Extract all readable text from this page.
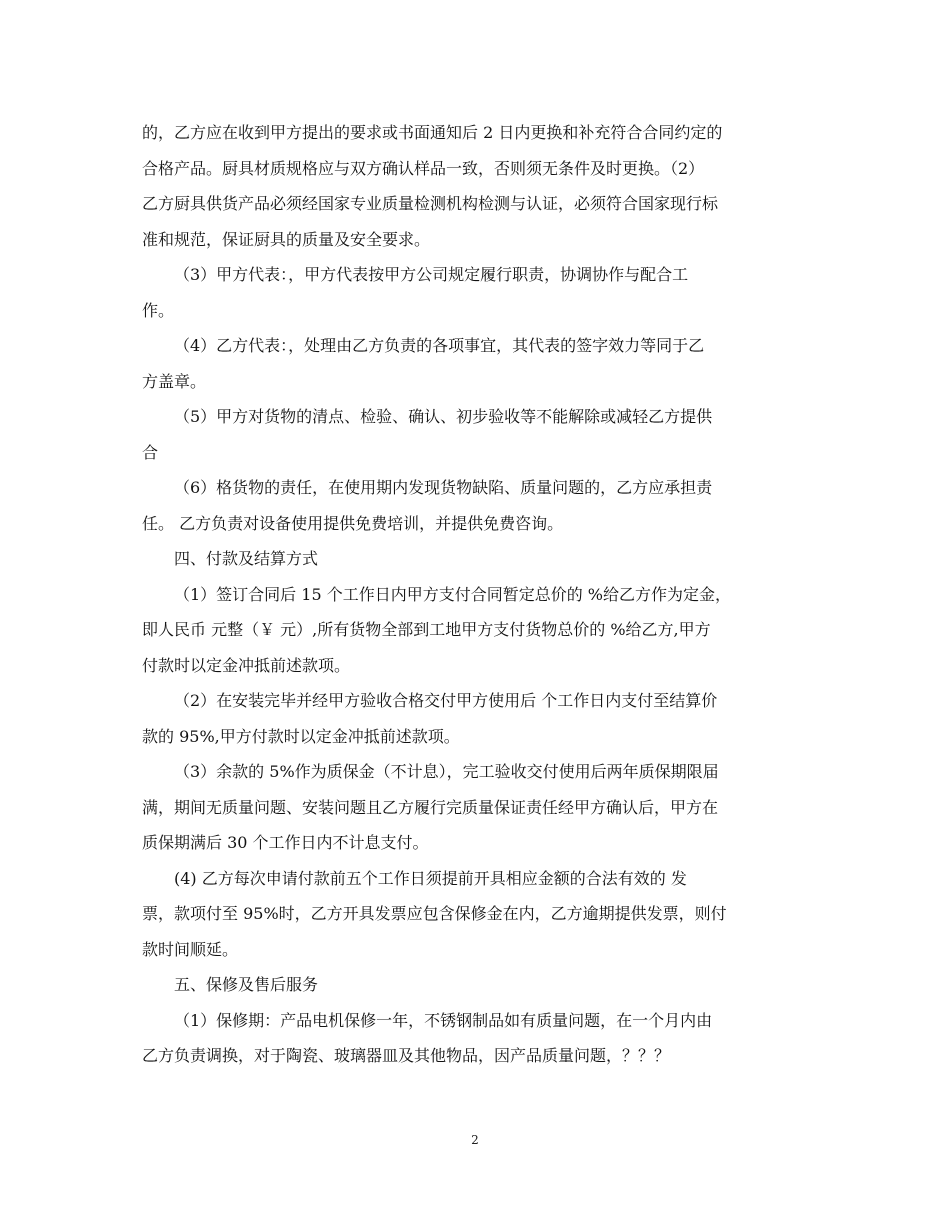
的，乙方应在收到甲方提出的要求或书面通知后 2 日内更换和补充符合合同约定的
合格产品。厨具材质规格应与双方确认样品一致，否则须无条件及时更换。（2）
乙方厨具供货产品必须经国家专业质量检测机构检测与认证，必须符合国家现行标
准和规范，保证厨具的质量及安全要求。
（3）甲方代表：，甲方代表按甲方公司规定履行职责，协调协作与配合工
作。
（4）乙方代表：，处理由乙方负责的各项事宜，其代表的签字效力等同于乙
方盖章。
（5）甲方对货物的清点、检验、确认、初步验收等不能解除或减轻乙方提供
合
（6）格货物的责任，在使用期内发现货物缺陷、质量问题的，乙方应承担责
任。 乙方负责对设备使用提供免费培训，并提供免费咨询。
四、付款及结算方式
（1）签订合同后 15 个工作日内甲方支付合同暂定总价的 %给乙方作为定金，
即人民币 元整（￥ 元）,所有货物全部到工地甲方支付货物总价的 %给乙方,甲方
付款时以定金冲抵前述款项。
（2）在安装完毕并经甲方验收合格交付甲方使用后 个工作日内支付至结算价
款的 95%,甲方付款时以定金冲抵前述款项。
（3）余款的 5%作为质保金（不计息），完工验收交付使用后两年质保期限届
满，期间无质量问题、安装问题且乙方履行完质量保证责任经甲方确认后，甲方在
质保期满后 30 个工作日内不计息支付。
(4) 乙方每次申请付款前五个工作日须提前开具相应金额的合法有效的 发
票，款项付至 95%时，乙方开具发票应包含保修金在内，乙方逾期提供发票，则付
款时间顺延。
五、保修及售后服务
（1）保修期：产品电机保修一年，不锈钢制品如有质量问题，在一个月内由
乙方负责调换，对于陶瓷、玻璃器皿及其他物品，因产品质量问题，？？？
2
